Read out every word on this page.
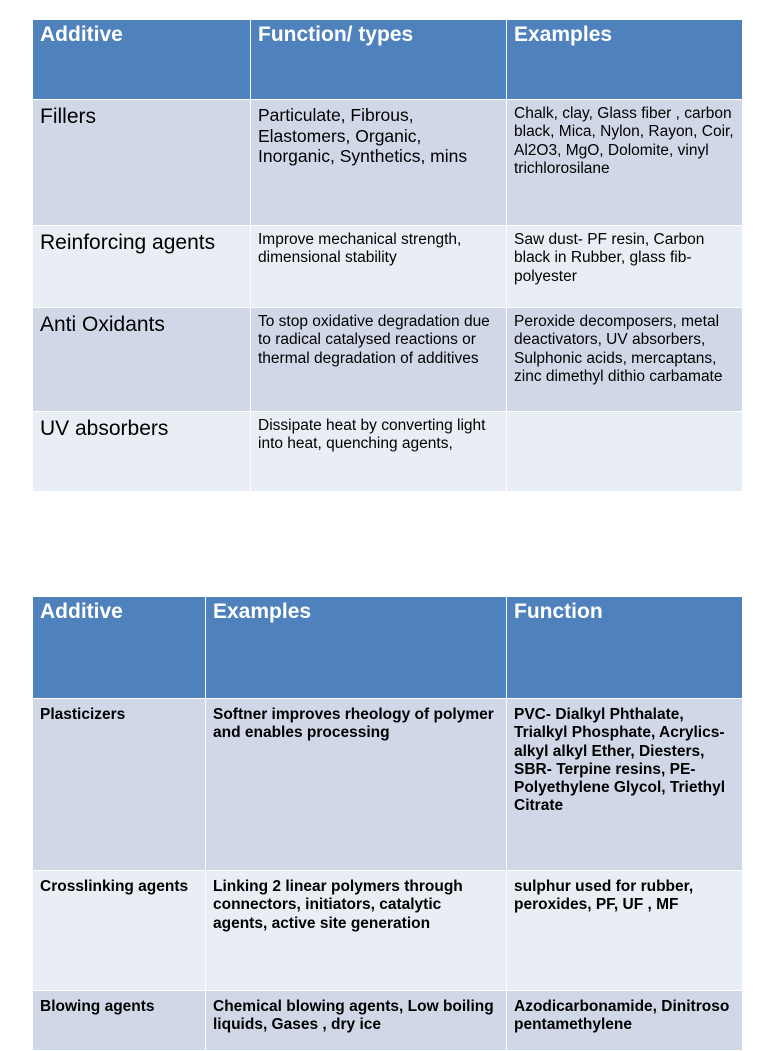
Additive	Function/ types	Examples
Fillers	Particulate, Fibrous, Elastomers, Organic, Inorganic, Synthetics, mins	Chalk, clay, Glass fiber , carbon black, Mica, Nylon, Rayon, Coir, Al2O3, MgO, Dolomite, vinyl trichlorosilane
Reinforcing agents	Improve mechanical strength, dimensional stability	Saw dust- PF resin, Carbon black in Rubber, glass fib- polyester
Anti Oxidants	To stop oxidative degradation due to radical catalysed reactions or thermal degradation of additives	Peroxide decomposers, metal deactivators, UV absorbers, Sulphonic acids, mercaptans, zinc dimethyl dithio carbamate
UV absorbers	Dissipate heat by converting light into heat, quenching agents,	
Additive	Examples	Function
Plasticizers	Softner improves rheology of polymer and enables processing	PVC- Dialkyl Phthalate, Trialkyl Phosphate, Acrylics- alkyl alkyl Ether, Diesters, SBR- Terpine resins, PE-Polyethylene Glycol, Triethyl Citrate
Crosslinking agents	Linking 2 linear polymers through connectors, initiators, catalytic agents, active site generation	sulphur used for rubber, peroxides, PF, UF , MF
Blowing agents	Chemical blowing agents, Low boiling liquids, Gases , dry ice	Azodicarbonamide, Dinitroso pentamethylene
